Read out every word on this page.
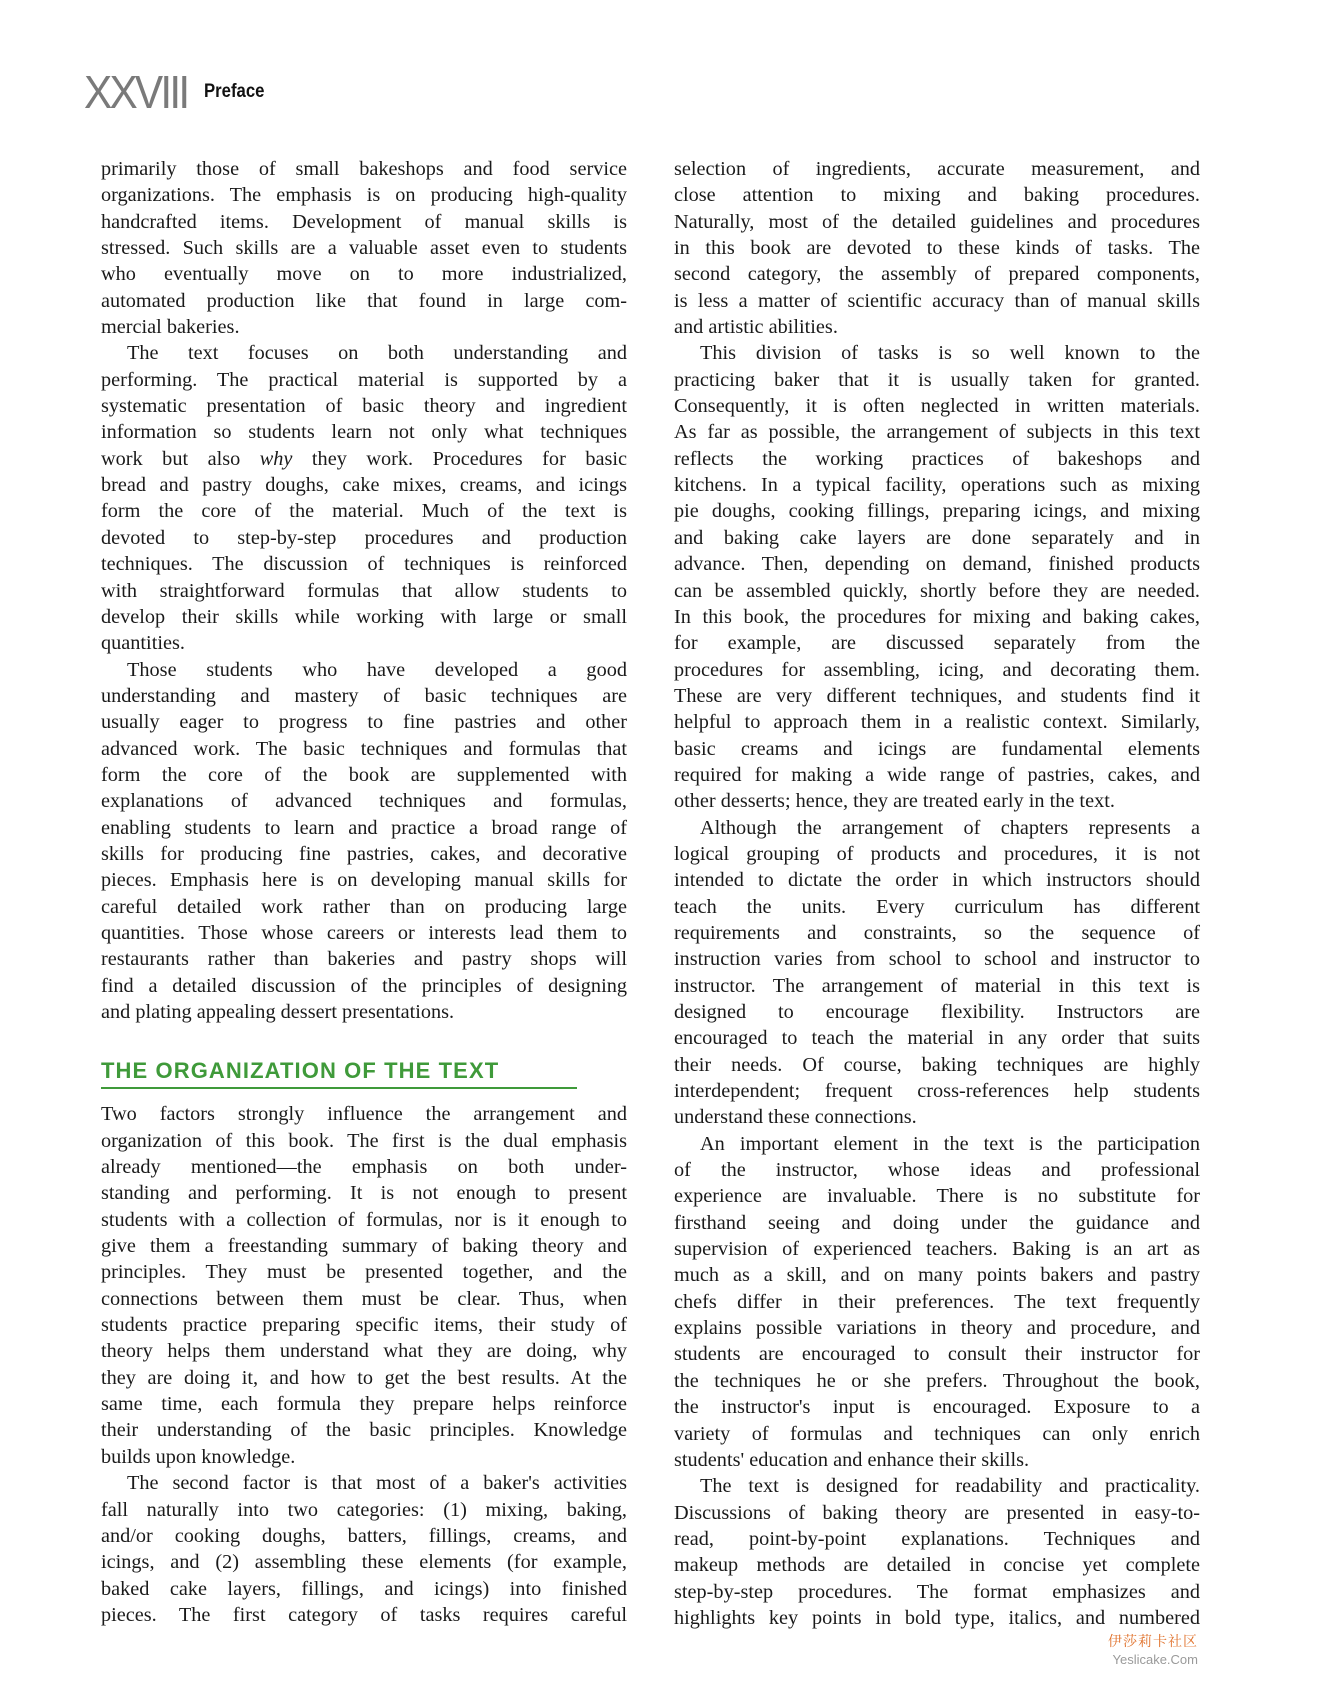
XXVIII Preface
primarily those of small bakeshops and food service
organizations. The emphasis is on producing high-quality
handcrafted items. Development of manual skills is
stressed. Such skills are a valuable asset even to students
who eventually move on to more industrialized,
automated production like that found in large com-
mercial bakeries.
The text focuses on both understanding and
performing. The practical material is supported by a
systematic presentation of basic theory and ingredient
information so students learn not only what techniques
work but also why they work. Procedures for basic
bread and pastry doughs, cake mixes, creams, and icings
form the core of the material. Much of the text is
devoted to step-by-step procedures and production
techniques. The discussion of techniques is reinforced
with straightforward formulas that allow students to
develop their skills while working with large or small
quantities.
Those students who have developed a good
understanding and mastery of basic techniques are
usually eager to progress to fine pastries and other
advanced work. The basic techniques and formulas that
form the core of the book are supplemented with
explanations of advanced techniques and formulas,
enabling students to learn and practice a broad range of
skills for producing fine pastries, cakes, and decorative
pieces. Emphasis here is on developing manual skills for
careful detailed work rather than on producing large
quantities. Those whose careers or interests lead them to
restaurants rather than bakeries and pastry shops will
find a detailed discussion of the principles of designing
and plating appealing dessert presentations.
THE ORGANIZATION OF THE TEXT
Two factors strongly influence the arrangement and
organization of this book. The first is the dual emphasis
already mentioned—the emphasis on both under-
standing and performing. It is not enough to present
students with a collection of formulas, nor is it enough to
give them a freestanding summary of baking theory and
principles. They must be presented together, and the
connections between them must be clear. Thus, when
students practice preparing specific items, their study of
theory helps them understand what they are doing, why
they are doing it, and how to get the best results. At the
same time, each formula they prepare helps reinforce
their understanding of the basic principles. Knowledge
builds upon knowledge.
The second factor is that most of a baker's activities
fall naturally into two categories: (1) mixing, baking,
and/or cooking doughs, batters, fillings, creams, and
icings, and (2) assembling these elements (for example,
baked cake layers, fillings, and icings) into finished
pieces. The first category of tasks requires careful
selection of ingredients, accurate measurement, and
close attention to mixing and baking procedures.
Naturally, most of the detailed guidelines and procedures
in this book are devoted to these kinds of tasks. The
second category, the assembly of prepared components,
is less a matter of scientific accuracy than of manual skills
and artistic abilities.
This division of tasks is so well known to the
practicing baker that it is usually taken for granted.
Consequently, it is often neglected in written materials.
As far as possible, the arrangement of subjects in this text
reflects the working practices of bakeshops and
kitchens. In a typical facility, operations such as mixing
pie doughs, cooking fillings, preparing icings, and mixing
and baking cake layers are done separately and in
advance. Then, depending on demand, finished products
can be assembled quickly, shortly before they are needed.
In this book, the procedures for mixing and baking cakes,
for example, are discussed separately from the
procedures for assembling, icing, and decorating them.
These are very different techniques, and students find it
helpful to approach them in a realistic context. Similarly,
basic creams and icings are fundamental elements
required for making a wide range of pastries, cakes, and
other desserts; hence, they are treated early in the text.
Although the arrangement of chapters represents a
logical grouping of products and procedures, it is not
intended to dictate the order in which instructors should
teach the units. Every curriculum has different
requirements and constraints, so the sequence of
instruction varies from school to school and instructor to
instructor. The arrangement of material in this text is
designed to encourage flexibility. Instructors are
encouraged to teach the material in any order that suits
their needs. Of course, baking techniques are highly
interdependent; frequent cross-references help students
understand these connections.
An important element in the text is the participation
of the instructor, whose ideas and professional
experience are invaluable. There is no substitute for
firsthand seeing and doing under the guidance and
supervision of experienced teachers. Baking is an art as
much as a skill, and on many points bakers and pastry
chefs differ in their preferences. The text frequently
explains possible variations in theory and procedure, and
students are encouraged to consult their instructor for
the techniques he or she prefers. Throughout the book,
the instructor's input is encouraged. Exposure to a
variety of formulas and techniques can only enrich
students' education and enhance their skills.
The text is designed for readability and practicality.
Discussions of baking theory are presented in easy-to-
read, point-by-point explanations. Techniques and
makeup methods are detailed in concise yet complete
step-by-step procedures. The format emphasizes and
highlights key points in bold type, italics, and numbered
伊莎莉卡社区
Yeslicake.Com
